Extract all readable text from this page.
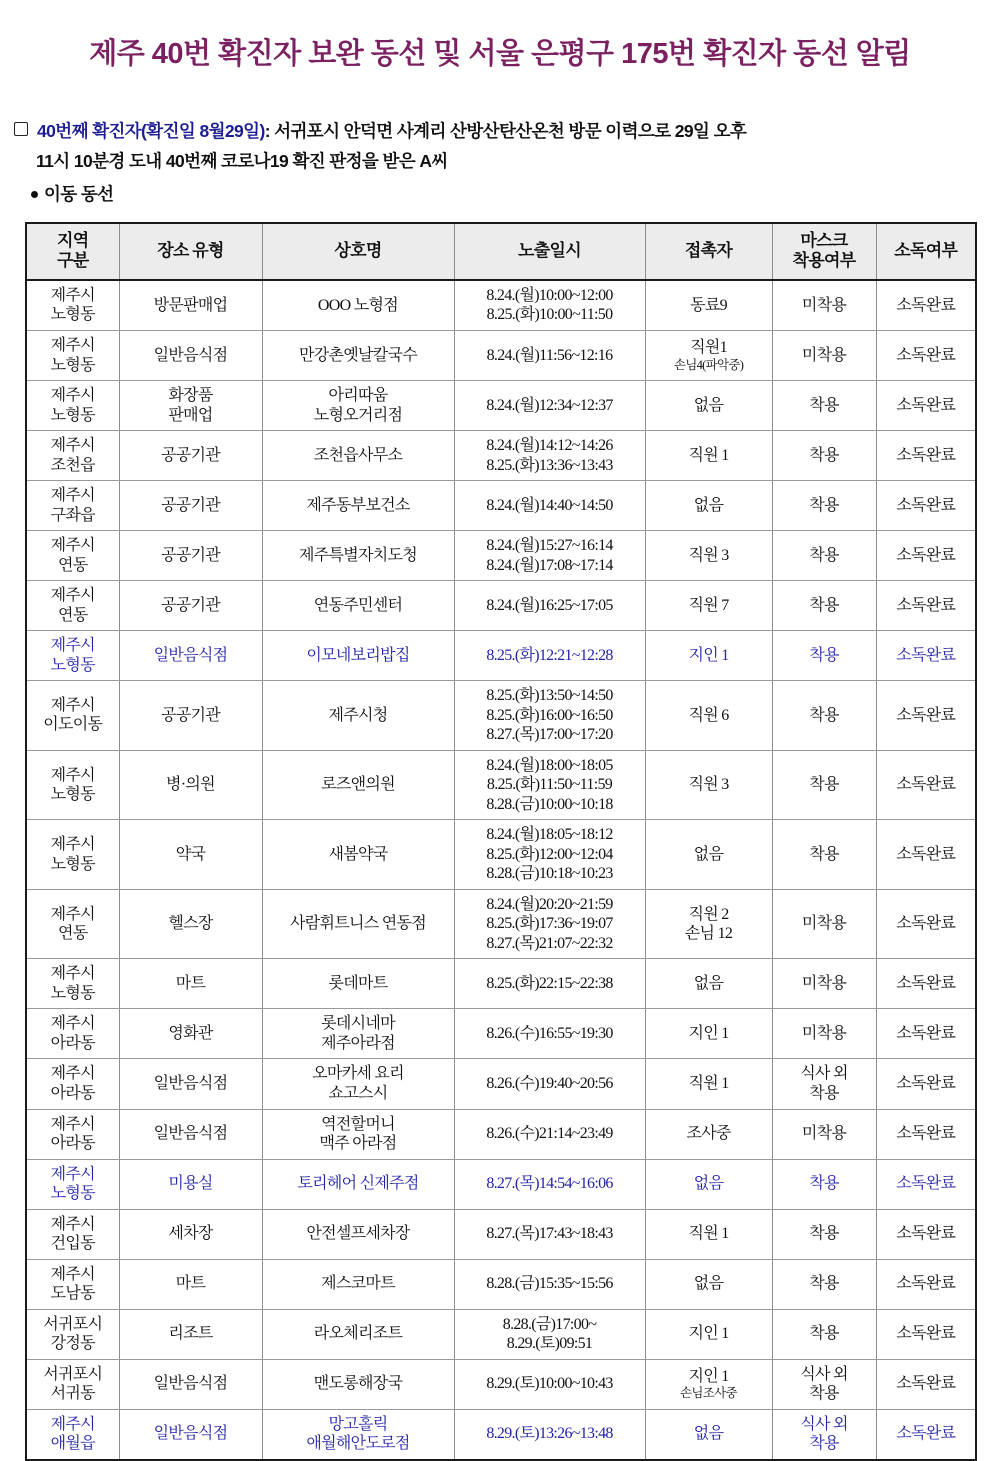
제주 40번 확진자 보완 동선 및 서울 은평구 175번 확진자 동선 알림
40번째 확진자(확진일 8월29일): 서귀포시 안덕면 사계리 산방산탄산온천 방문 이력으로 29일 오후
11시 10분경 도내 40번째 코로나19 확진 판정을 받은 A씨
이동 동선
지역
구분	장소 유형	상호명	노출일시	접촉자	마스크
착용여부	소독여부

제주시
노형동	방문판매업	OOO 노형점	8.24.(월)10:00~12:00
8.25.(화)10:00~11:50	동료9	미착용	소독완료

제주시
노형동	일반음식점	만강촌옛날칼국수	8.24.(월)11:56~12:16	직원1
손님4(파악중)	미착용	소독완료

제주시
노형동	화장품
판매업	아리따움
노형오거리점	8.24.(월)12:34~12:37	없음	착용	소독완료

제주시
조천읍	공공기관	조천읍사무소	8.24.(월)14:12~14:26
8.25.(화)13:36~13:43	직원 1	착용	소독완료

제주시
구좌읍	공공기관	제주동부보건소	8.24.(월)14:40~14:50	없음	착용	소독완료

제주시
연동	공공기관	제주특별자치도청	8.24.(월)15:27~16:14
8.24.(월)17:08~17:14	직원 3	착용	소독완료

제주시
연동	공공기관	연동주민센터	8.24.(월)16:25~17:05	직원 7	착용	소독완료

제주시
노형동	일반음식점	이모네보리밥집	8.25.(화)12:21~12:28	지인 1	착용	소독완료

제주시
이도이동	공공기관	제주시청	8.25.(화)13:50~14:50
8.25.(화)16:00~16:50
8.27.(목)17:00~17:20	직원 6	착용	소독완료

제주시
노형동	병·의원	로즈앤의원	8.24.(월)18:00~18:05
8.25.(화)11:50~11:59
8.28.(금)10:00~10:18	직원 3	착용	소독완료

제주시
노형동	약국	새봄약국	8.24.(월)18:05~18:12
8.25.(화)12:00~12:04
8.28.(금)10:18~10:23	없음	착용	소독완료

제주시
연동	헬스장	사람휘트니스 연동점	8.24.(월)20:20~21:59
8.25.(화)17:36~19:07
8.27.(목)21:07~22:32	직원 2
손님 12	미착용	소독완료

제주시
노형동	마트	롯데마트	8.25.(화)22:15~22:38	없음	미착용	소독완료

제주시
아라동	영화관	롯데시네마
제주아라점	8.26.(수)16:55~19:30	지인 1	미착용	소독완료

제주시
아라동	일반음식점	오마카세 요리
쇼고스시	8.26.(수)19:40~20:56	직원 1	식사 외
착용	소독완료

제주시
아라동	일반음식점	역전할머니
맥주 아라점	8.26.(수)21:14~23:49	조사중	미착용	소독완료

제주시
노형동	미용실	토리헤어 신제주점	8.27.(목)14:54~16:06	없음	착용	소독완료

제주시
건입동	세차장	안전셀프세차장	8.27.(목)17:43~18:43	직원 1	착용	소독완료

제주시
도남동	마트	제스코마트	8.28.(금)15:35~15:56	없음	착용	소독완료

서귀포시
강정동	리조트	라오체리조트	8.28.(금)17:00~
8.29.(토)09:51	지인 1	착용	소독완료

서귀포시
서귀동	일반음식점	맨도롱해장국	8.29.(토)10:00~10:43	지인 1
손님조사중	식사 외
착용	소독완료

제주시
애월읍	일반음식점	망고홀릭
애월해안도로점	8.29.(토)13:26~13:48	없음	식사 외
착용	소독완료
